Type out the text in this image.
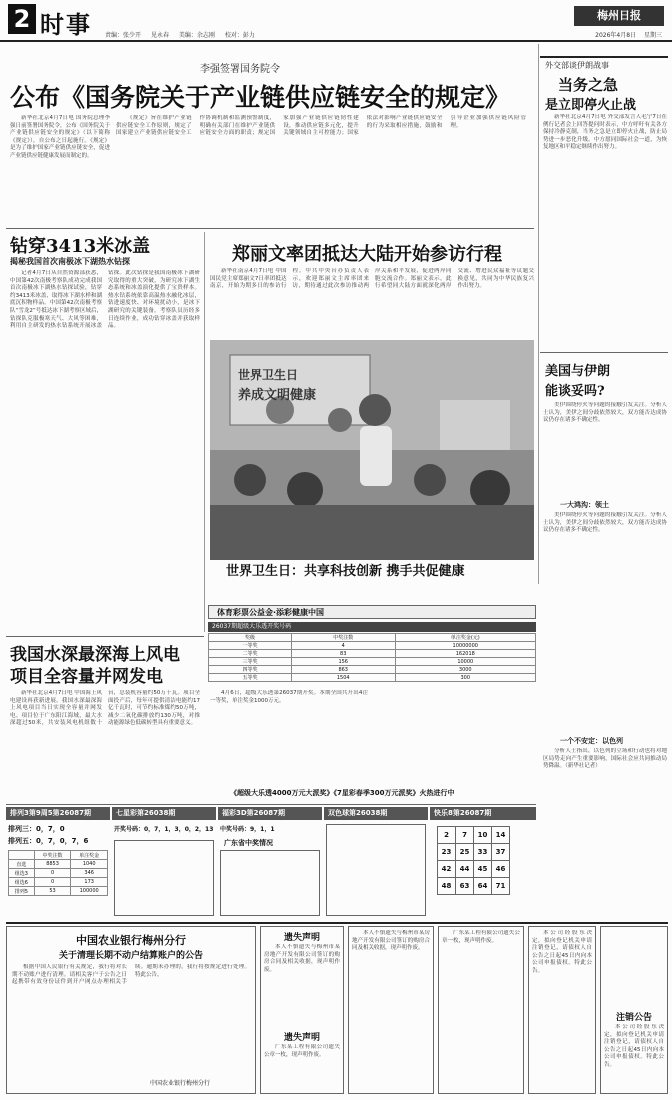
2 时事 责编：张少开 见永春 美编：余志刚 校对：彭力
梅州日报
2026年4月8日 星期三
李强签署国务院令
公布《国务院关于产业链供应链安全的规定》

新华社北京4月7日电 国务院总理李强日前签署国务院令，公布《国务院关于产业链供应链安全的规定》（以下简称《规定》），自公布之日起施行。《规定》是为了维护国家产业链供应链安全，促进产业链供应链健康发展而制定的。

《规定》旨在维护产业链供应链安全工作原则，规定了国家建立产业链供应链安全工作协调机制和监测预警制度，明确有关部门在维护产业链供应链安全方面的职责；规定国家加强产业链供应链韧性建设，推动供应链多元化，提升关键领域自主可控能力；国家依法对影响产业链供应链安全的行为采取相应措施，鼓励和引导企业加强供应链风险管理。

钻穿3413米冰盖
揭秘我国首次南极冰下湖热水钻探

记者4月7日从自然资源部获悉，中国第42次南极考察队成功完成我国首次南极冰下湖热水钻探试验，钻穿约3413米冰盖，取得冰下湖水样和湖底沉积物样品。中国第42次南极考察队“雪龙2”号抵达冰下湖考察区域后，钻探队克服极寒天气、大风等困难，利用自主研发的热水钻系统开展冰盖钻探。此次钻探是我国南极冰下湖研究取得的重大突破，为研究冰下湖生态系统和冰盖演化提供了宝贵样本。热水钻系统依靠高温热水融化冰层，钻进速度快、对环境扰动小，是冰下湖研究的关键装备。考察队员历经多日连续作业，成功钻穿冰盖并获取样品。

郑丽文率团抵达大陆开始参访行程

新华社南京4月7日电 中国国民党主席郑丽文7日率团抵达南京，开始为期多日的参访行程。中共中央台办负责人表示，欢迎郑丽文主席率团来访，期待通过此次参访推动两岸关系和平发展，促进两岸同胞交流合作。郑丽文表示，此行希望同大陆方面就深化两岸交流、增进民众福祉等议题交换意见，共同为中华民族复兴作出努力。

世界卫生日
养成文明健康
世界卫生日：共享科技创新 携手共促健康
外交部谈伊朗战事
当务之急
是立即停火止战

新华社北京4月7日电 外交部发言人毛宁7日在例行记者会上回答提问时表示，中方呼吁有关各方保持冷静克制，当务之急是立即停火止战，防止局势进一步恶化升级。中方愿同国际社会一道，为恢复地区和平稳定继续作出努力。

美国与伊朗
能谈妥吗?

美伊围绕停火等问题的接触引发关注。分析人士认为，美伊之间分歧依然较大，双方能否达成协议仍存在诸多不确定性。

一大鸿沟：领土

美伊围绕停火等问题的接触引发关注。分析人士认为，美伊之间分歧依然较大，双方能否达成协议仍存在诸多不确定性。

一个不安定：以色列

分析人士指出，以色列的立场和行动也将对地区局势走向产生重要影响，国际社会应共同推动局势降温。（新华社记者）

我国水深最深海上风电
项目全容量并网发电

新华社北京4月7日电 中国海上风电建设再获新进展。我国水深最深海上风电项目当日实现全容量并网发电。项目位于广东阳江海域，最大水深超过50米，共安装风电机组数十台，总装机容量约50万千瓦。项目全面投产后，每年可提供清洁电能约17亿千瓦时，可节约标准煤约50万吨，减少二氧化碳排放约130万吨，对推动能源绿色低碳转型具有重要意义。

体育彩票公益金·添彩健康中国
26037期超级大乐透开奖号码
奖级	中奖注数	单注奖金(元)
一等奖	4	10000000
二等奖	83	162018
三等奖	156	10000
四等奖	863	3000
五等奖	1504	300

4月6日，超级大乐透第26037期开奖。本期全国共开出4注一等奖，单注奖金1000万元。

《超级大乐透4000万元大派奖》《7星彩春季300万元派奖》火热进行中
排列3第9周5第26087期
排列三：0，7，0
排列五：0，7，0，7，6
	中奖注数	单注奖金
直选	8853	1040
组选3	0	346
组选6	0	173
排列5	53	100000
七星彩第26038期
开奖号码：0，7，1，3，0，2，13
福彩3D第26087期
中奖号码：9，1，1
广东省中奖情况
双色球第26038期	快乐8第26087期
2	7	10	14
23	25	33	37
42	44	45	46
48	63	64	71
中国农业银行梅州分行
关于清理长期不动户结算账户的公告

根据中国人民银行有关规定，我行将对长期不动账户进行清理。请相关客户于公告之日起携带有效身份证件到开户网点办理相关手续。逾期未办理的，我行将按规定进行处理。特此公告。

中国农业银行梅州分行
遗失声明

本人不慎遗失与梅州市某房地产开发有限公司签订的购房合同及相关收据，现声明作废。

遗失声明

广东某工程有限公司遗失公章一枚，现声明作废。

本人不慎遗失与梅州市某房地产开发有限公司签订的购房合同及相关收据，现声明作废。

广东某工程有限公司遗失公章一枚，现声明作废。

本公司经股东决定，拟向登记机关申请注销登记，请债权人自公告之日起45日内向本公司申报债权。特此公告。

注销公告

本公司经股东决定，拟向登记机关申请注销登记，请债权人自公告之日起45日内向本公司申报债权。特此公告。
